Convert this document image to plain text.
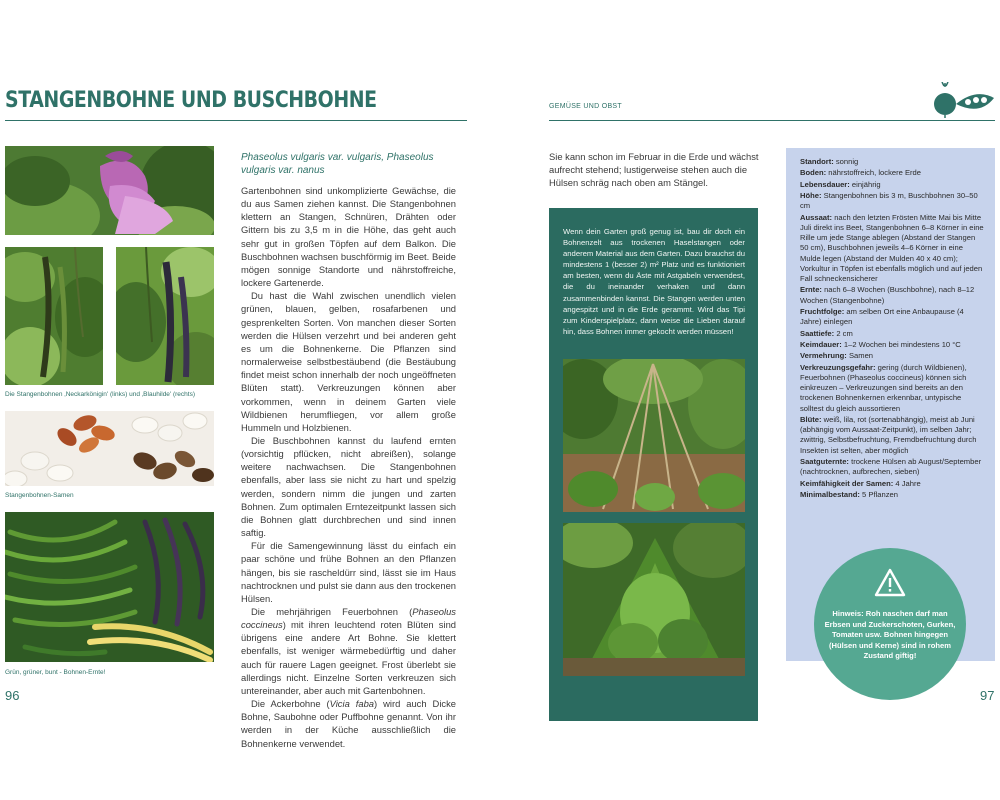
STANGENBOHNE UND BUSCHBOHNE
Die Stangenbohnen ‚Neckarkönigin' (links) und ‚Blauhilde' (rechts)
Stangenbohnen-Samen
Grün, grüner, bunt - Bohnen-Ernte!

Phaseolus vulgaris var. vulgaris, Phaseolus vulgaris var. nanus

Gartenbohnen sind unkomplizierte Gewächse, die du aus Samen ziehen kannst. Die Stangenbohnen klettern an Stangen, Schnüren, Drähten oder Gittern bis zu 3,5 m in die Höhe, das geht auch sehr gut in großen Töpfen auf dem Balkon. Die Buschbohnen wachsen buschförmig im Beet. Beide mögen sonnige Standorte und nährstoffreiche, lockere Gartenerde.

Du hast die Wahl zwischen unendlich vielen grünen, blauen, gelben, rosafarbenen und gesprenkelten Sorten. Von manchen dieser Sorten werden die Hülsen verzehrt und bei anderen geht es um die Bohnenkerne. Die Pflanzen sind normalerweise selbstbestäubend (die Bestäubung findet meist schon innerhalb der noch ungeöffneten Blüten statt). Verkreuzungen können aber vorkommen, wenn in deinem Garten viele Wildbienen herumfliegen, vor allem große Hummeln und Holzbienen.

Die Buschbohnen kannst du laufend ernten (vorsichtig pflücken, nicht abreißen), solange weitere nachwachsen. Die Stangenbohnen ebenfalls, aber lass sie nicht zu hart und spelzig werden, sondern nimm die jungen und zarten Bohnen. Zum optimalen Erntezeitpunkt lassen sich die Bohnen glatt durchbrechen und sind innen saftig.

Für die Samengewinnung lässt du einfach ein paar schöne und frühe Bohnen an den Pflanzen hängen, bis sie rascheldürr sind, lässt sie im Haus nachtrocknen und pulst sie dann aus den trockenen Hülsen.

Die mehrjährigen Feuerbohnen (Phaseolus coccineus) mit ihren leuchtend roten Blüten sind übrigens eine andere Art Bohne. Sie klettert ebenfalls, ist weniger wärmebedürftig und daher auch für rauere Lagen geeignet. Frost überlebt sie allerdings nicht. Einzelne Sorten verkreuzen sich untereinander, aber auch mit Gartenbohnen.

Die Ackerbohne (Vicia faba) wird auch Dicke Bohne, Saubohne oder Puffbohne genannt. Von ihr werden in der Küche ausschließlich die Bohnenkerne verwendet.

96
GEMÜSE UND OBST

Sie kann schon im Februar in die Erde und wächst aufrecht stehend; lustigerweise stehen auch die Hülsen schräg nach oben am Stängel.

Wenn dein Garten groß genug ist, bau dir doch ein Bohnenzelt aus trockenen Haselstangen oder anderem Material aus dem Garten. Dazu brauchst du mindestens 1 (besser 2) m² Platz und es funktioniert am besten, wenn du Äste mit Astgabeln verwendest, die du ineinander verhaken und dann zusammenbinden kannst. Die Stangen werden unten angespitzt und in die Erde gerammt. Wird das Tipi zum Kinderspielplatz, dann weise die Lieben darauf hin, dass Bohnen immer gekocht werden müssen!

Standort: sonnig
Boden: nährstoffreich, lockere Erde
Lebensdauer: einjährig
Höhe: Stangenbohnen bis 3 m, Buschbohnen 30–50 cm
Aussaat: nach den letzten Frösten Mitte Mai bis Mitte Juli direkt ins Beet, Stangenbohnen 6–8 Körner in eine Rille um jede Stange ablegen (Abstand der Stangen 50 cm), Buschbohnen jeweils 4–6 Körner in eine Mulde legen (Abstand der Mulden 40 x 40 cm); Vorkultur in Töpfen ist ebenfalls möglich und auf jeden Fall schneckensicherer
Ernte: nach 6–8 Wochen (Buschbohne), nach 8–12 Wochen (Stangenbohne)
Fruchtfolge: am selben Ort eine Anbaupause (4 Jahre) einlegen
Saattiefe: 2 cm
Keimdauer: 1–2 Wochen bei mindestens 10 °C
Vermehrung: Samen
Verkreuzungsgefahr: gering (durch Wildbienen), Feuerbohnen (Phaseolus coccineus) können sich einkreuzen – Verkreuzungen sind bereits an den trockenen Bohnenkernen erkennbar, untypische solltest du gleich aussortieren
Blüte: weiß, lila, rot (sortenabhängig), meist ab Juni (abhängig vom Aussaat-Zeitpunkt), im selben Jahr; zwittrig, Selbstbefruchtung, Fremdbefruchtung durch Insekten ist selten, aber möglich
Saatguternte: trockene Hülsen ab August/September (nachtrocknen, aufbrechen, sieben)
Keimfähigkeit der Samen: 4 Jahre
Minimalbestand: 5 Pflanzen

Hinweis: Roh naschen darf man Erbsen und Zuckerschoten, Gurken, Tomaten usw. Bohnen hingegen (Hülsen und Kerne) sind in rohem Zustand giftig!

97
